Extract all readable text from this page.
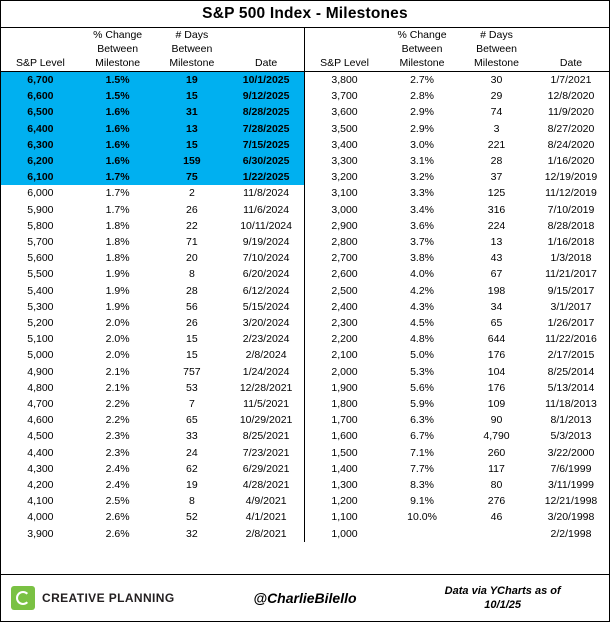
S&P 500 Index - Milestones
	% Change	# Days	
	Between	Between	
S&P Level	Milestone	Milestone	Date
6,700	1.5%	19	10/1/2025
6,600	1.5%	15	9/12/2025
6,500	1.6%	31	8/28/2025
6,400	1.6%	13	7/28/2025
6,300	1.6%	15	7/15/2025
6,200	1.6%	159	6/30/2025
6,100	1.7%	75	1/22/2025
6,000	1.7%	2	11/8/2024
5,900	1.7%	26	11/6/2024
5,800	1.8%	22	10/11/2024
5,700	1.8%	71	9/19/2024
5,600	1.8%	20	7/10/2024
5,500	1.9%	8	6/20/2024
5,400	1.9%	28	6/12/2024
5,300	1.9%	56	5/15/2024
5,200	2.0%	26	3/20/2024
5,100	2.0%	15	2/23/2024
5,000	2.0%	15	2/8/2024
4,900	2.1%	757	1/24/2024
4,800	2.1%	53	12/28/2021
4,700	2.2%	7	11/5/2021
4,600	2.2%	65	10/29/2021
4,500	2.3%	33	8/25/2021
4,400	2.3%	24	7/23/2021
4,300	2.4%	62	6/29/2021
4,200	2.4%	19	4/28/2021
4,100	2.5%	8	4/9/2021
4,000	2.6%	52	4/1/2021
3,900	2.6%	32	2/8/2021
	% Change	# Days	
	Between	Between	
S&P Level	Milestone	Milestone	Date
3,800	2.7%	30	1/7/2021
3,700	2.8%	29	12/8/2020
3,600	2.9%	74	11/9/2020
3,500	2.9%	3	8/27/2020
3,400	3.0%	221	8/24/2020
3,300	3.1%	28	1/16/2020
3,200	3.2%	37	12/19/2019
3,100	3.3%	125	11/12/2019
3,000	3.4%	316	7/10/2019
2,900	3.6%	224	8/28/2018
2,800	3.7%	13	1/16/2018
2,700	3.8%	43	1/3/2018
2,600	4.0%	67	11/21/2017
2,500	4.2%	198	9/15/2017
2,400	4.3%	34	3/1/2017
2,300	4.5%	65	1/26/2017
2,200	4.8%	644	11/22/2016
2,100	5.0%	176	2/17/2015
2,000	5.3%	104	8/25/2014
1,900	5.6%	176	5/13/2014
1,800	5.9%	109	11/18/2013
1,700	6.3%	90	8/1/2013
1,600	6.7%	4,790	5/3/2013
1,500	7.1%	260	3/22/2000
1,400	7.7%	117	7/6/1999
1,300	8.3%	80	3/11/1999
1,200	9.1%	276	12/21/1998
1,100	10.0%	46	3/20/1998
1,000			2/2/1998
CREATIVE PLANNING	@CharlieBilello	Data via YCharts as of
10/1/25
